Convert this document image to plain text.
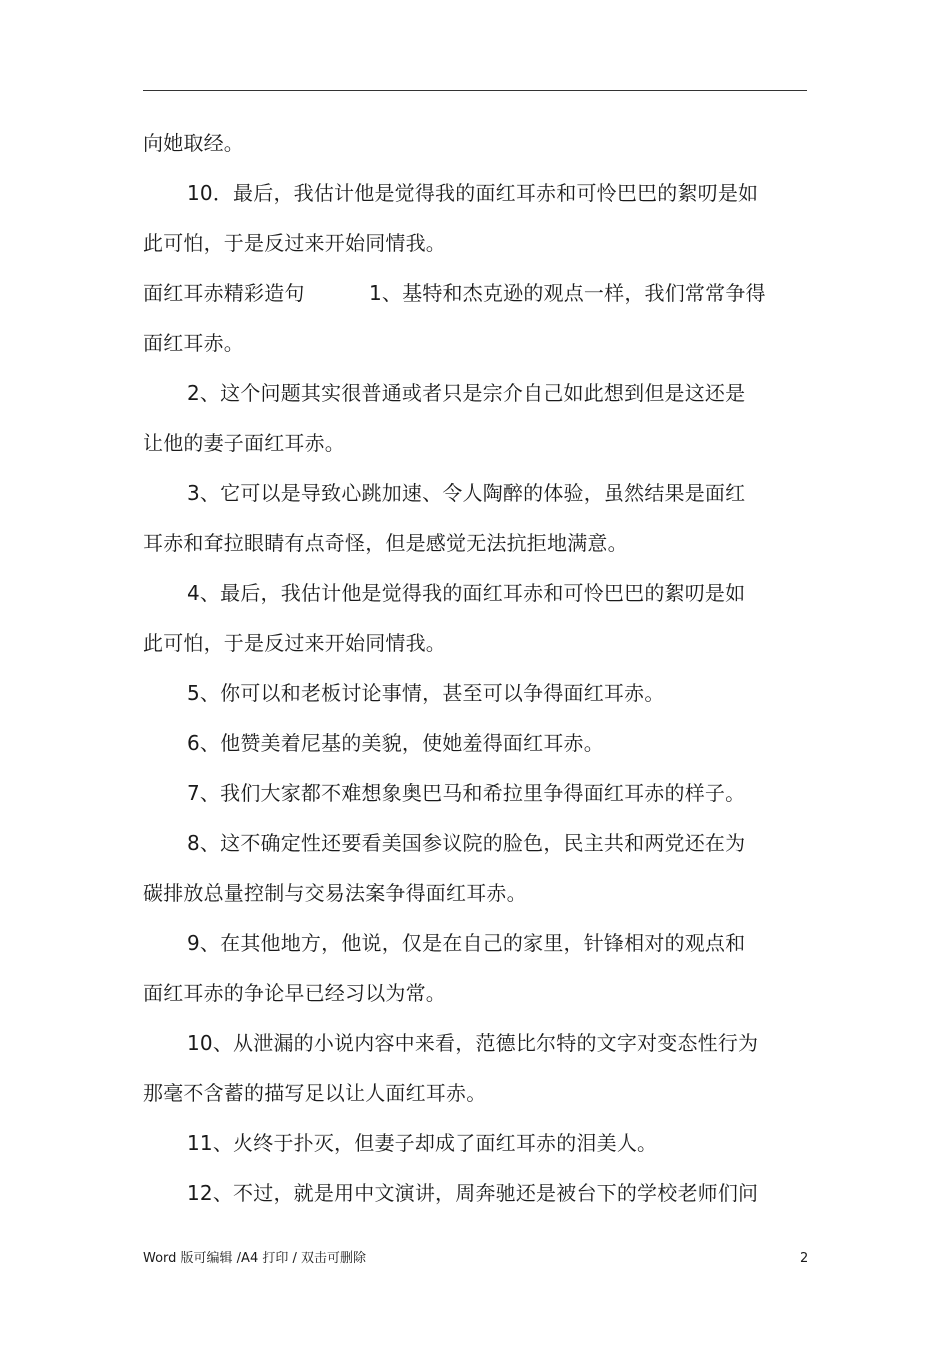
向她取经。
10．最后，我估计他是觉得我的面红耳赤和可怜巴巴的絮叨是如
此可怕，于是反过来开始同情我。
面红耳赤精彩造句	1、基特和杰克逊的观点一样，我们常常争得
面红耳赤。
2、这个问题其实很普通或者只是宗介自己如此想到但是这还是
让他的妻子面红耳赤。
3、它可以是导致心跳加速、令人陶醉的体验，虽然结果是面红
耳赤和耷拉眼睛有点奇怪，但是感觉无法抗拒地满意。
4、最后，我估计他是觉得我的面红耳赤和可怜巴巴的絮叨是如
此可怕，于是反过来开始同情我。
5、你可以和老板讨论事情，甚至可以争得面红耳赤。
6、他赞美着尼基的美貌，使她羞得面红耳赤。
7、我们大家都不难想象奥巴马和希拉里争得面红耳赤的样子。
8、这不确定性还要看美国参议院的脸色，民主共和两党还在为
碳排放总量控制与交易法案争得面红耳赤。
9、在其他地方，他说，仅是在自己的家里，针锋相对的观点和
面红耳赤的争论早已经习以为常。
10、从泄漏的小说内容中来看，范德比尔特的文字对变态性行为
那毫不含蓄的描写足以让人面红耳赤。
11、火终于扑灭，但妻子却成了面红耳赤的泪美人。
12、不过，就是用中文演讲，周奔驰还是被台下的学校老师们问
Word 版可编辑 /A4 打印 / 双击可删除	2
